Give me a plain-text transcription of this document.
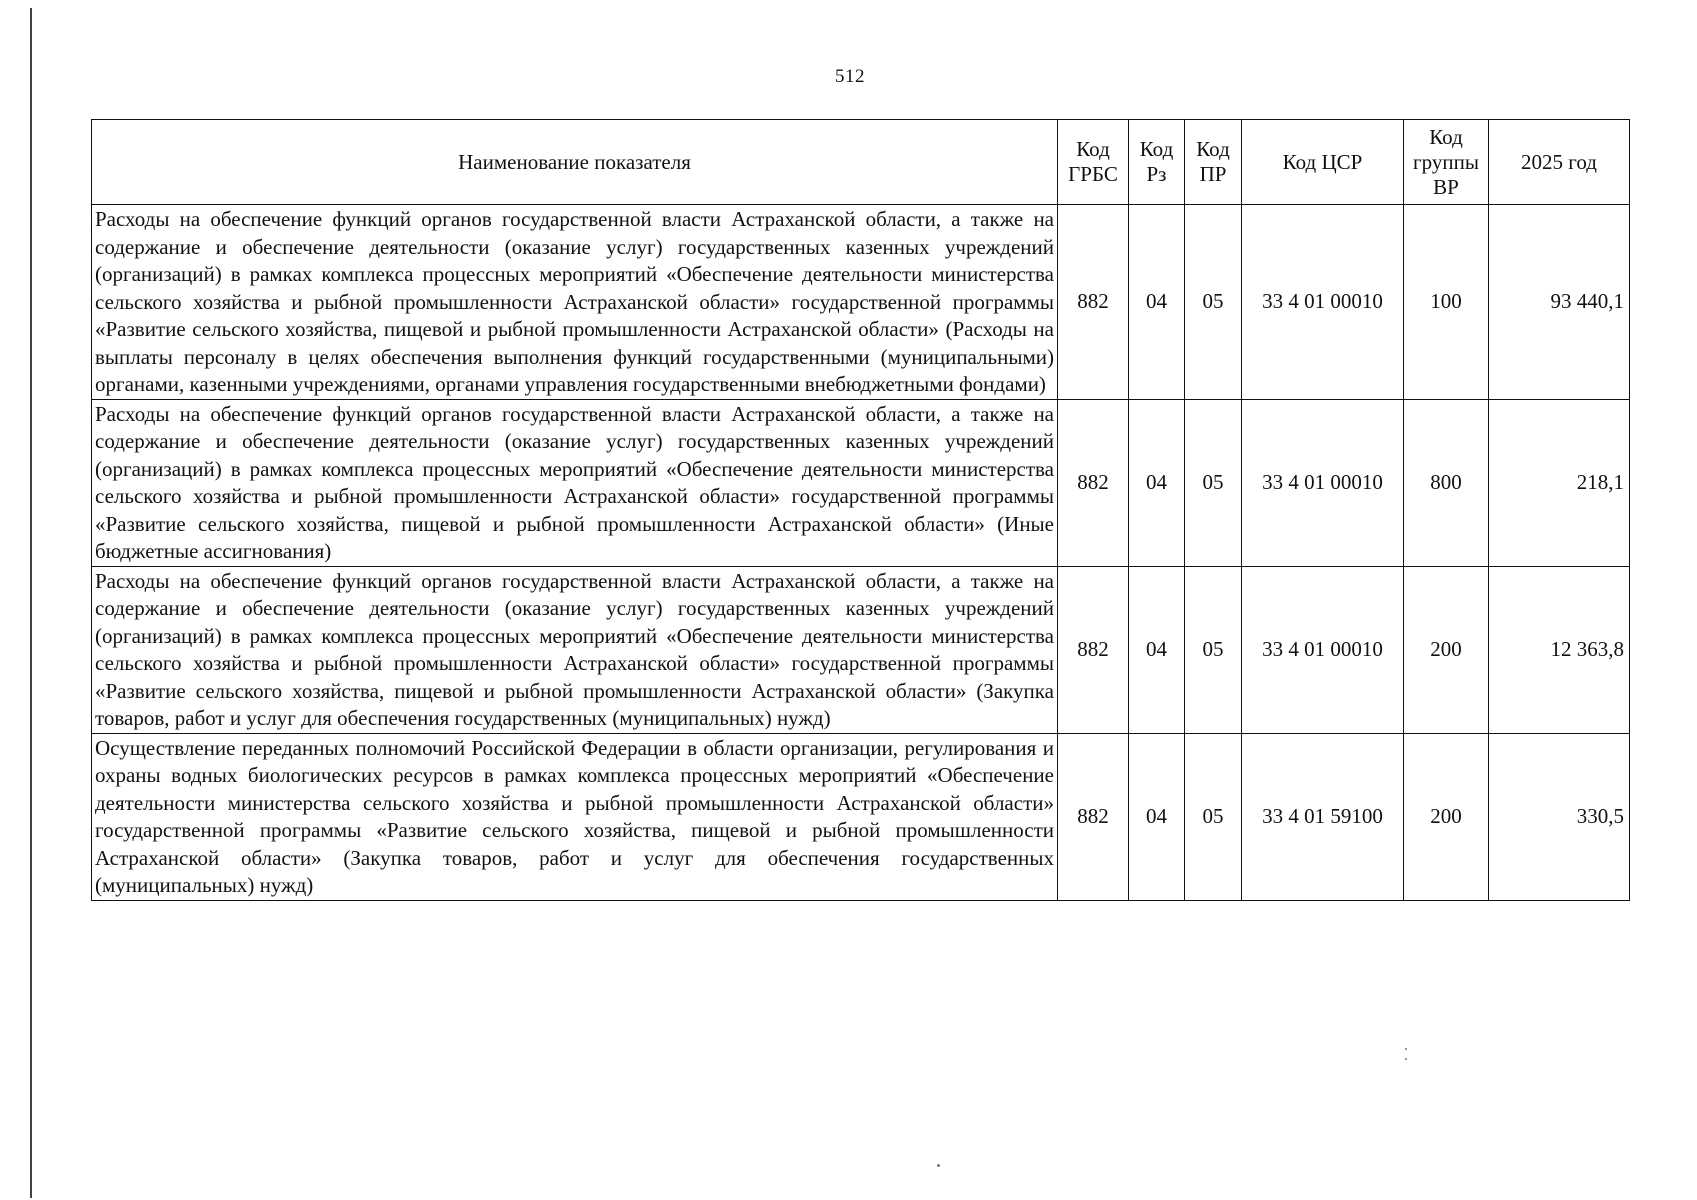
512
Наименование показателя	Код ГРБС	Код Рз	Код ПР	Код ЦСР	Код группы ВР	2025 год
Расходы на обеспечение функций органов государственной власти Астраханской области, а также на содержание и обеспечение деятельности (оказание услуг) государственных казенных учреждений (организаций) в рамках комплекса процессных мероприятий «Обеспечение деятельности министерства сельского хозяйства и рыбной промышленности Астраханской области» государственной программы «Развитие сельского хозяйства, пищевой и рыбной промышленности Астраханской области» (Расходы на выплаты персоналу в целях обеспечения выполнения функций государственными (муниципальными) органами, казенными учреждениями, органами управления государственными внебюджетными фондами)	882	04	05	33 4 01 00010	100	93 440,1
Расходы на обеспечение функций органов государственной власти Астраханской области, а также на содержание и обеспечение деятельности (оказание услуг) государственных казенных учреждений (организаций) в рамках комплекса процессных мероприятий «Обеспечение деятельности министерства сельского хозяйства и рыбной промышленности Астраханской области» государственной программы «Развитие сельского хозяйства, пищевой и рыбной промышленности Астраханской области» (Иные бюджетные ассигнования)	882	04	05	33 4 01 00010	800	218,1
Расходы на обеспечение функций органов государственной власти Астраханской области, а также на содержание и обеспечение деятельности (оказание услуг) государственных казенных учреждений (организаций) в рамках комплекса процессных мероприятий «Обеспечение деятельности министерства сельского хозяйства и рыбной промышленности Астраханской области» государственной программы «Развитие сельского хозяйства, пищевой и рыбной промышленности Астраханской области» (Закупка товаров, работ и услуг для обеспечения государственных (муниципальных) нужд)	882	04	05	33 4 01 00010	200	12 363,8
Осуществление переданных полномочий Российской Федерации в области организации, регулирования и охраны водных биологических ресурсов в рамках комплекса процессных мероприятий «Обеспечение деятельности министерства сельского хозяйства и рыбной промышленности Астраханской области» государственной программы «Развитие сельского хозяйства, пищевой и рыбной промышленности Астраханской области» (Закупка товаров, работ и услуг для обеспечения государственных (муниципальных) нужд)	882	04	05	33 4 01 59100	200	330,5
